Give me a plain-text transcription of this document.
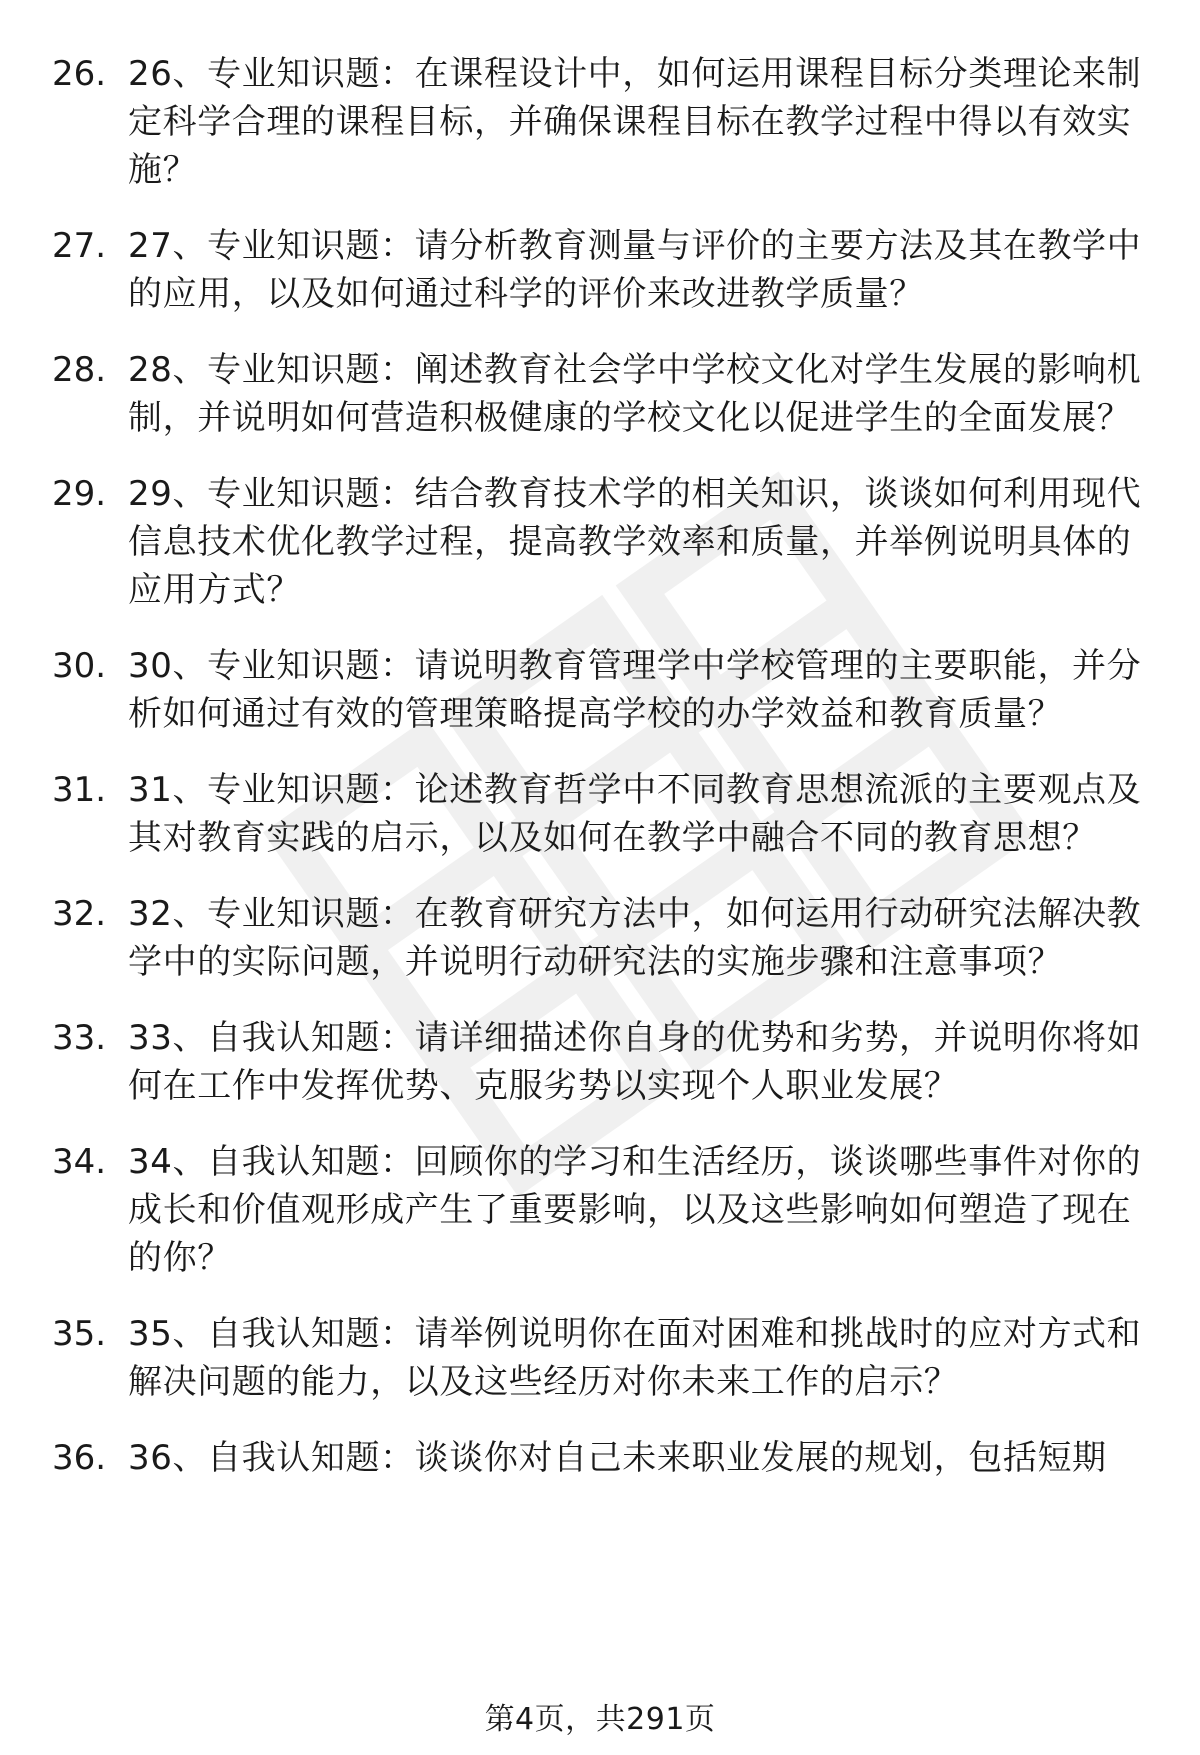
26. 26、专业知识题：在课程设计中，如何运用课程目标分类理论来制定科学合理的课程目标，并确保课程目标在教学过程中得以有效实施？
27. 27、专业知识题：请分析教育测量与评价的主要方法及其在教学中的应用，以及如何通过科学的评价来改进教学质量？
28. 28、专业知识题：阐述教育社会学中学校文化对学生发展的影响机制，并说明如何营造积极健康的学校文化以促进学生的全面发展？
29. 29、专业知识题：结合教育技术学的相关知识，谈谈如何利用现代信息技术优化教学过程，提高教学效率和质量，并举例说明具体的应用方式？
30. 30、专业知识题：请说明教育管理学中学校管理的主要职能，并分析如何通过有效的管理策略提高学校的办学效益和教育质量？
31. 31、专业知识题：论述教育哲学中不同教育思想流派的主要观点及其对教育实践的启示，以及如何在教学中融合不同的教育思想？
32. 32、专业知识题：在教育研究方法中，如何运用行动研究法解决教学中的实际问题，并说明行动研究法的实施步骤和注意事项？
33. 33、自我认知题：请详细描述你自身的优势和劣势，并说明你将如何在工作中发挥优势、克服劣势以实现个人职业发展？
34. 34、自我认知题：回顾你的学习和生活经历，谈谈哪些事件对你的成长和价值观形成产生了重要影响，以及这些影响如何塑造了现在的你？
35. 35、自我认知题：请举例说明你在面对困难和挑战时的应对方式和解决问题的能力，以及这些经历对你未来工作的启示？
36. 36、自我认知题：谈谈你对自己未来职业发展的规划，包括短期
第4页，共291页
